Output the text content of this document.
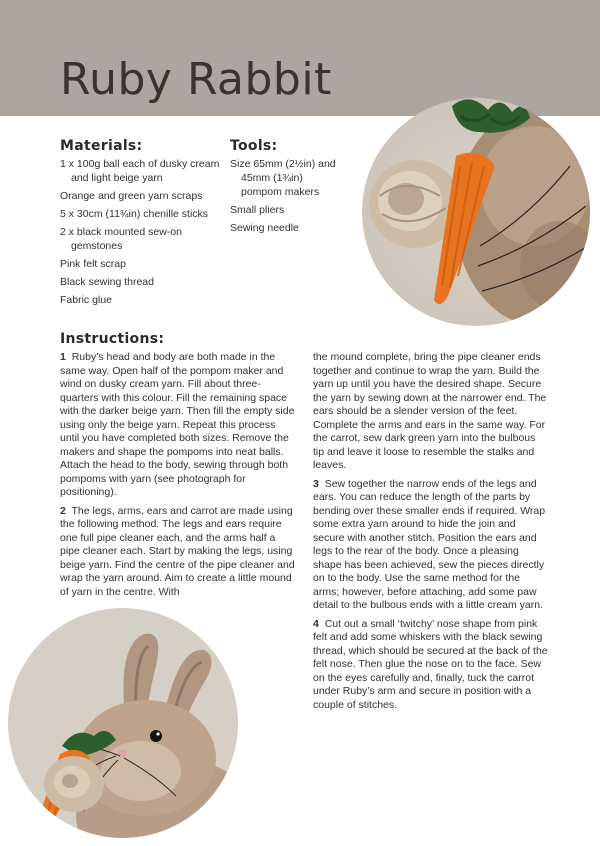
Ruby Rabbit
Materials:
1 x 100g ball each of dusky cream and light beige yarn
Orange and green yarn scraps
5 x 30cm (11¾in) chenille sticks
2 x black mounted sew-on gemstones
Pink felt scrap
Black sewing thread
Fabric glue
Tools:
Size 65mm (2½in) and 45mm (1¾in) pompom makers
Small pliers
Sewing needle
Instructions:

1 Ruby’s head and body are both made in the same way. Open half of the pompom maker and wind on dusky cream yarn. Fill about three-quarters with this colour. Fill the remaining space with the darker beige yarn. Then fill the empty side using only the beige yarn. Repeat this process until you have completed both sizes. Remove the makers and shape the pompoms into neat balls. Attach the head to the body, sewing through both pompoms with yarn (see photograph for positioning).

2 The legs, arms, ears and carrot are made using the following method. The legs and ears require one full pipe cleaner each, and the arms half a pipe cleaner each. Start by making the legs, using beige yarn. Find the centre of the pipe cleaner and wrap the yarn around. Aim to create a little mound of yarn in the centre. With

the mound complete, bring the pipe cleaner ends together and continue to wrap the yarn. Build the yarn up until you have the desired shape. Secure the yarn by sewing down at the narrower end. The ears should be a slender version of the feet. Complete the arms and ears in the same way. For the carrot, sew dark green yarn into the bulbous tip and leave it loose to resemble the stalks and leaves.

3 Sew together the narrow ends of the legs and ears. You can reduce the length of the parts by bending over these smaller ends if required. Wrap some extra yarn around to hide the join and secure with another stitch. Position the ears and legs to the rear of the body. Once a pleasing shape has been achieved, sew the pieces directly on to the body. Use the same method for the arms; however, before attaching, add some paw detail to the bulbous ends with a little cream yarn.

4 Cut out a small ‘twitchy’ nose shape from pink felt and add some whiskers with the black sewing thread, which should be secured at the back of the felt nose. Then glue the nose on to the face. Sew on the eyes carefully and, finally, tuck the carrot under Ruby’s arm and secure in position with a couple of stitches.
